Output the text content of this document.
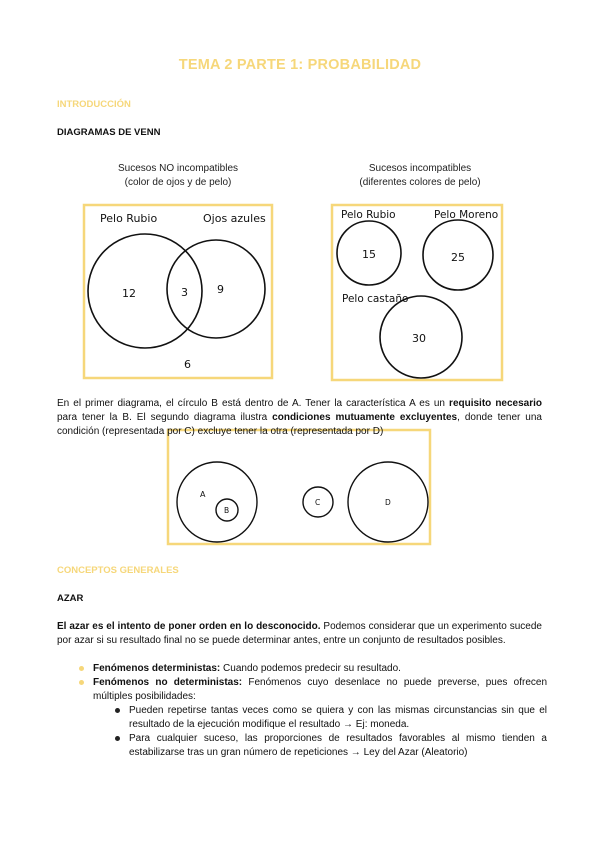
TEMA 2 PARTE 1: PROBABILIDAD
INTRODUCCIÓN
DIAGRAMAS DE VENN
Sucesos NO incompatibles
(color de ojos y de pelo)
Sucesos incompatibles
(diferentes colores de pelo)
Pelo Rubio	Ojos azules
12	3	9
6
Pelo Rubio	Pelo Moreno
Pelo castaño
15	25
30
A
B
C	D
En el primer diagrama, el círculo B está dentro de A. Tener la característica A es un requisito necesario para tener la B. El segundo diagrama ilustra condiciones mutuamente excluyentes, donde tener una condición (representada por C) excluye tener la otra (representada por D)
CONCEPTOS GENERALES
AZAR
El azar es el intento de poner orden en lo desconocido. Podemos considerar que un experimento sucede por azar si su resultado final no se puede determinar antes, entre un conjunto de resultados posibles.
Fenómenos deterministas: Cuando podemos predecir su resultado.
Fenómenos no deterministas: Fenómenos cuyo desenlace no puede preverse, pues ofrecen múltiples posibilidades:
Pueden repetirse tantas veces como se quiera y con las mismas circunstancias sin que el resultado de la ejecución modifique el resultado → Ej: moneda.
Para cualquier suceso, las proporciones de resultados favorables al mismo tienden a estabilizarse tras un gran número de repeticiones → Ley del Azar (Aleatorio)
